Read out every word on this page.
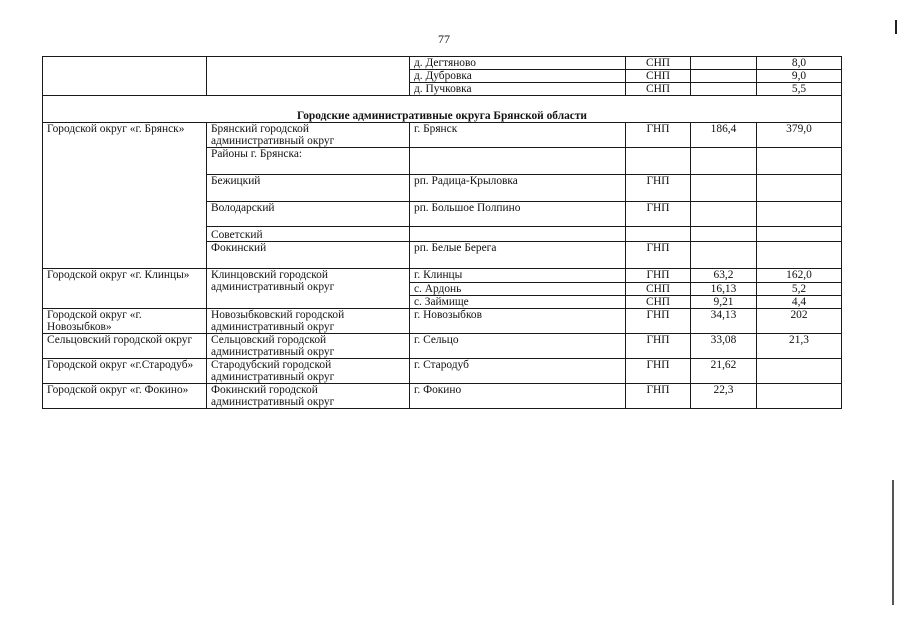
77
		д. Дегтяново	СНП		8,0
		д. Дубровка	СНП		9,0
		д. Пучковка	СНП		5,5
Городские административные округа Брянской области					
Городской округ «г. Брянск»	Брянский городской административный округ	г. Брянск	ГНП	186,4	379,0
	Районы г. Брянска:				
	Бежицкий	рп. Радица-Крыловка	ГНП		
	Володарский	рп. Большое Полпино	ГНП		
	Советский				
	Фокинский	рп. Белые Берега	ГНП		
Городской округ «г. Клинцы»	Клинцовский городской административный округ	г. Клинцы	ГНП	63,2	162,0
		с. Ардонь	СНП	16,13	5,2
		с. Займище	СНП	9,21	4,4
Городской округ «г. Новозыбков»	Новозыбковский городской административный округ	г. Новозыбков	ГНП	34,13	202
Сельцовский городской округ	Сельцовский городской административный округ	г. Сельцо	ГНП	33,08	21,3
Городской округ «г.Стародуб»	Стародубский городской административный округ	г. Стародуб	ГНП	21,62	
Городской округ «г. Фокино»	Фокинский городской административный округ	г. Фокино	ГНП	22,3	
